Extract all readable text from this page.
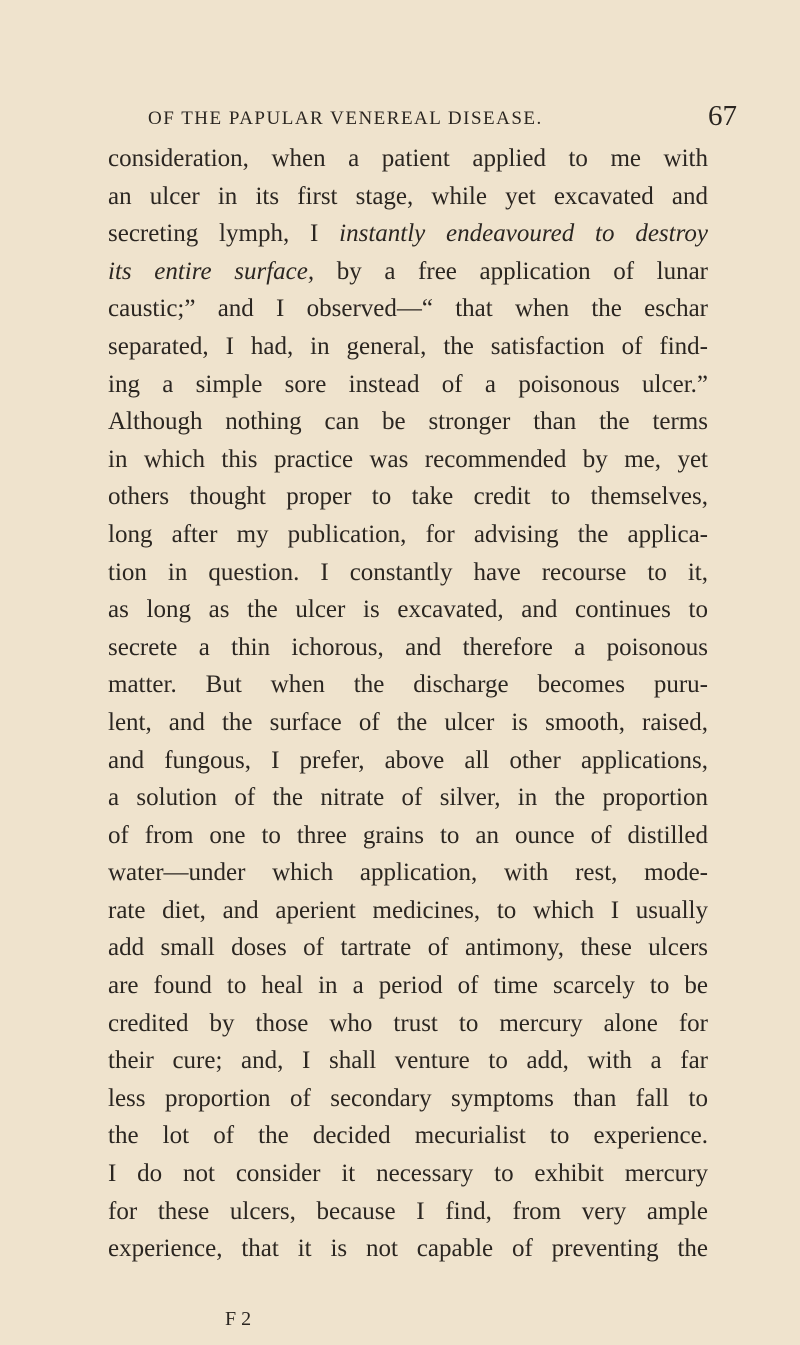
OF THE PAPULAR VENEREAL DISEASE.	67
consideration, when a patient applied to me with
an ulcer in its first stage, while yet excavated and
secreting lymph, I instantly endeavoured to destroy
its entire surface, by a free application of lunar
caustic;” and I observed—“ that when the eschar
separated, I had, in general, the satisfaction of find-
ing a simple sore instead of a poisonous ulcer.”
Although nothing can be stronger than the terms
in which this practice was recommended by me, yet
others thought proper to take credit to themselves,
long after my publication, for advising the applica-
tion in question. I constantly have recourse to it,
as long as the ulcer is excavated, and continues to
secrete a thin ichorous, and therefore a poisonous
matter. But when the discharge becomes puru-
lent, and the surface of the ulcer is smooth, raised,
and fungous, I prefer, above all other applications,
a solution of the nitrate of silver, in the proportion
of from one to three grains to an ounce of distilled
water—under which application, with rest, mode-
rate diet, and aperient medicines, to which I usually
add small doses of tartrate of antimony, these ulcers
are found to heal in a period of time scarcely to be
credited by those who trust to mercury alone for
their cure; and, I shall venture to add, with a far
less proportion of secondary symptoms than fall to
the lot of the decided mecurialist to experience.
I do not consider it necessary to exhibit mercury
for these ulcers, because I find, from very ample
experience, that it is not capable of preventing the
F 2
